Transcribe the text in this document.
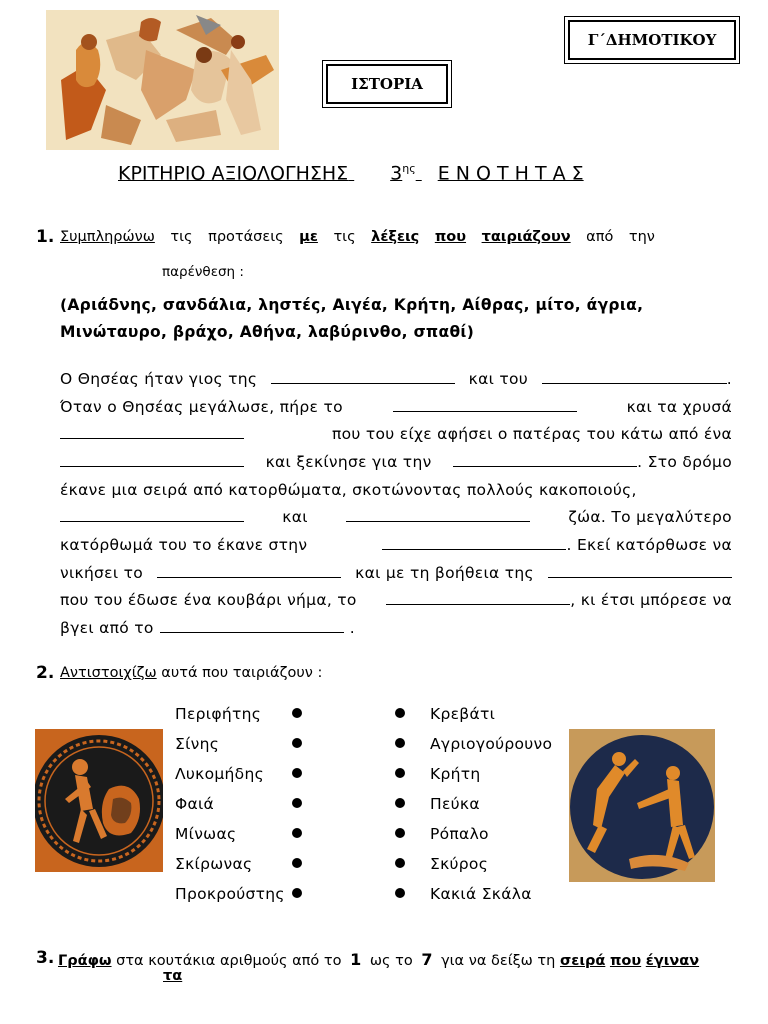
Γ΄ΔΗΜΟΤΙΚΟΥ
ΙΣΤΟΡΙΑ
ΚΡΙΤΗΡΙΟ ΑΞΙΟΛΟΓΗΣΗΣ $3^{\eta\varsigma}$ Ε Ν Ο Τ Η Τ Α Σ
1. Συμπληρώνω τις προτάσεις με τις λέξεις που ταιριάζουν από την
παρένθεση :
(Αριάδνης, σανδάλια, ληστές, Αιγέα, Κρήτη, Αίθρας, μίτο, άγρια,
Μινώταυρο, βράχο, Αθήνα, λαβύρινθο, σπαθί)
Ο Θησέας ήταν γιος της	και του	.
Όταν ο Θησέας μεγάλωσε, πήρε το	και τα χρυσά
που του είχε αφήσει ο πατέρας του κάτω από ένα
και ξεκίνησε για την	. Στο δρόμο
έκανε μια σειρά από κατορθώματα, σκοτώνοντας πολλούς κακοποιούς,
και	ζώα. Το μεγαλύτερο
κατόρθωμά του το έκανε στην	. Εκεί κατόρθωσε να
νικήσει το	και με τη βοήθεια της
που του έδωσε ένα κουβάρι νήμα, το	, κι έτσι μπόρεσε να
βγει από το	.
2. Αντιστοιχίζω αυτά που ταιριάζουν :
Περιφήτης
Σίνης
Λυκομήδης
Φαιά
Μίνωας
Σκίρωνας
Προκρούστης
Κρεβάτι
Αγριογούρουνο
Κρήτη
Πεύκα
Ρόπαλο
Σκύρος
Κακιά Σκάλα
3. Γράφω στα κουτάκια αριθμούς από το 1 ως το 7 για να δείξω τη σειρά που έγιναν
τα
